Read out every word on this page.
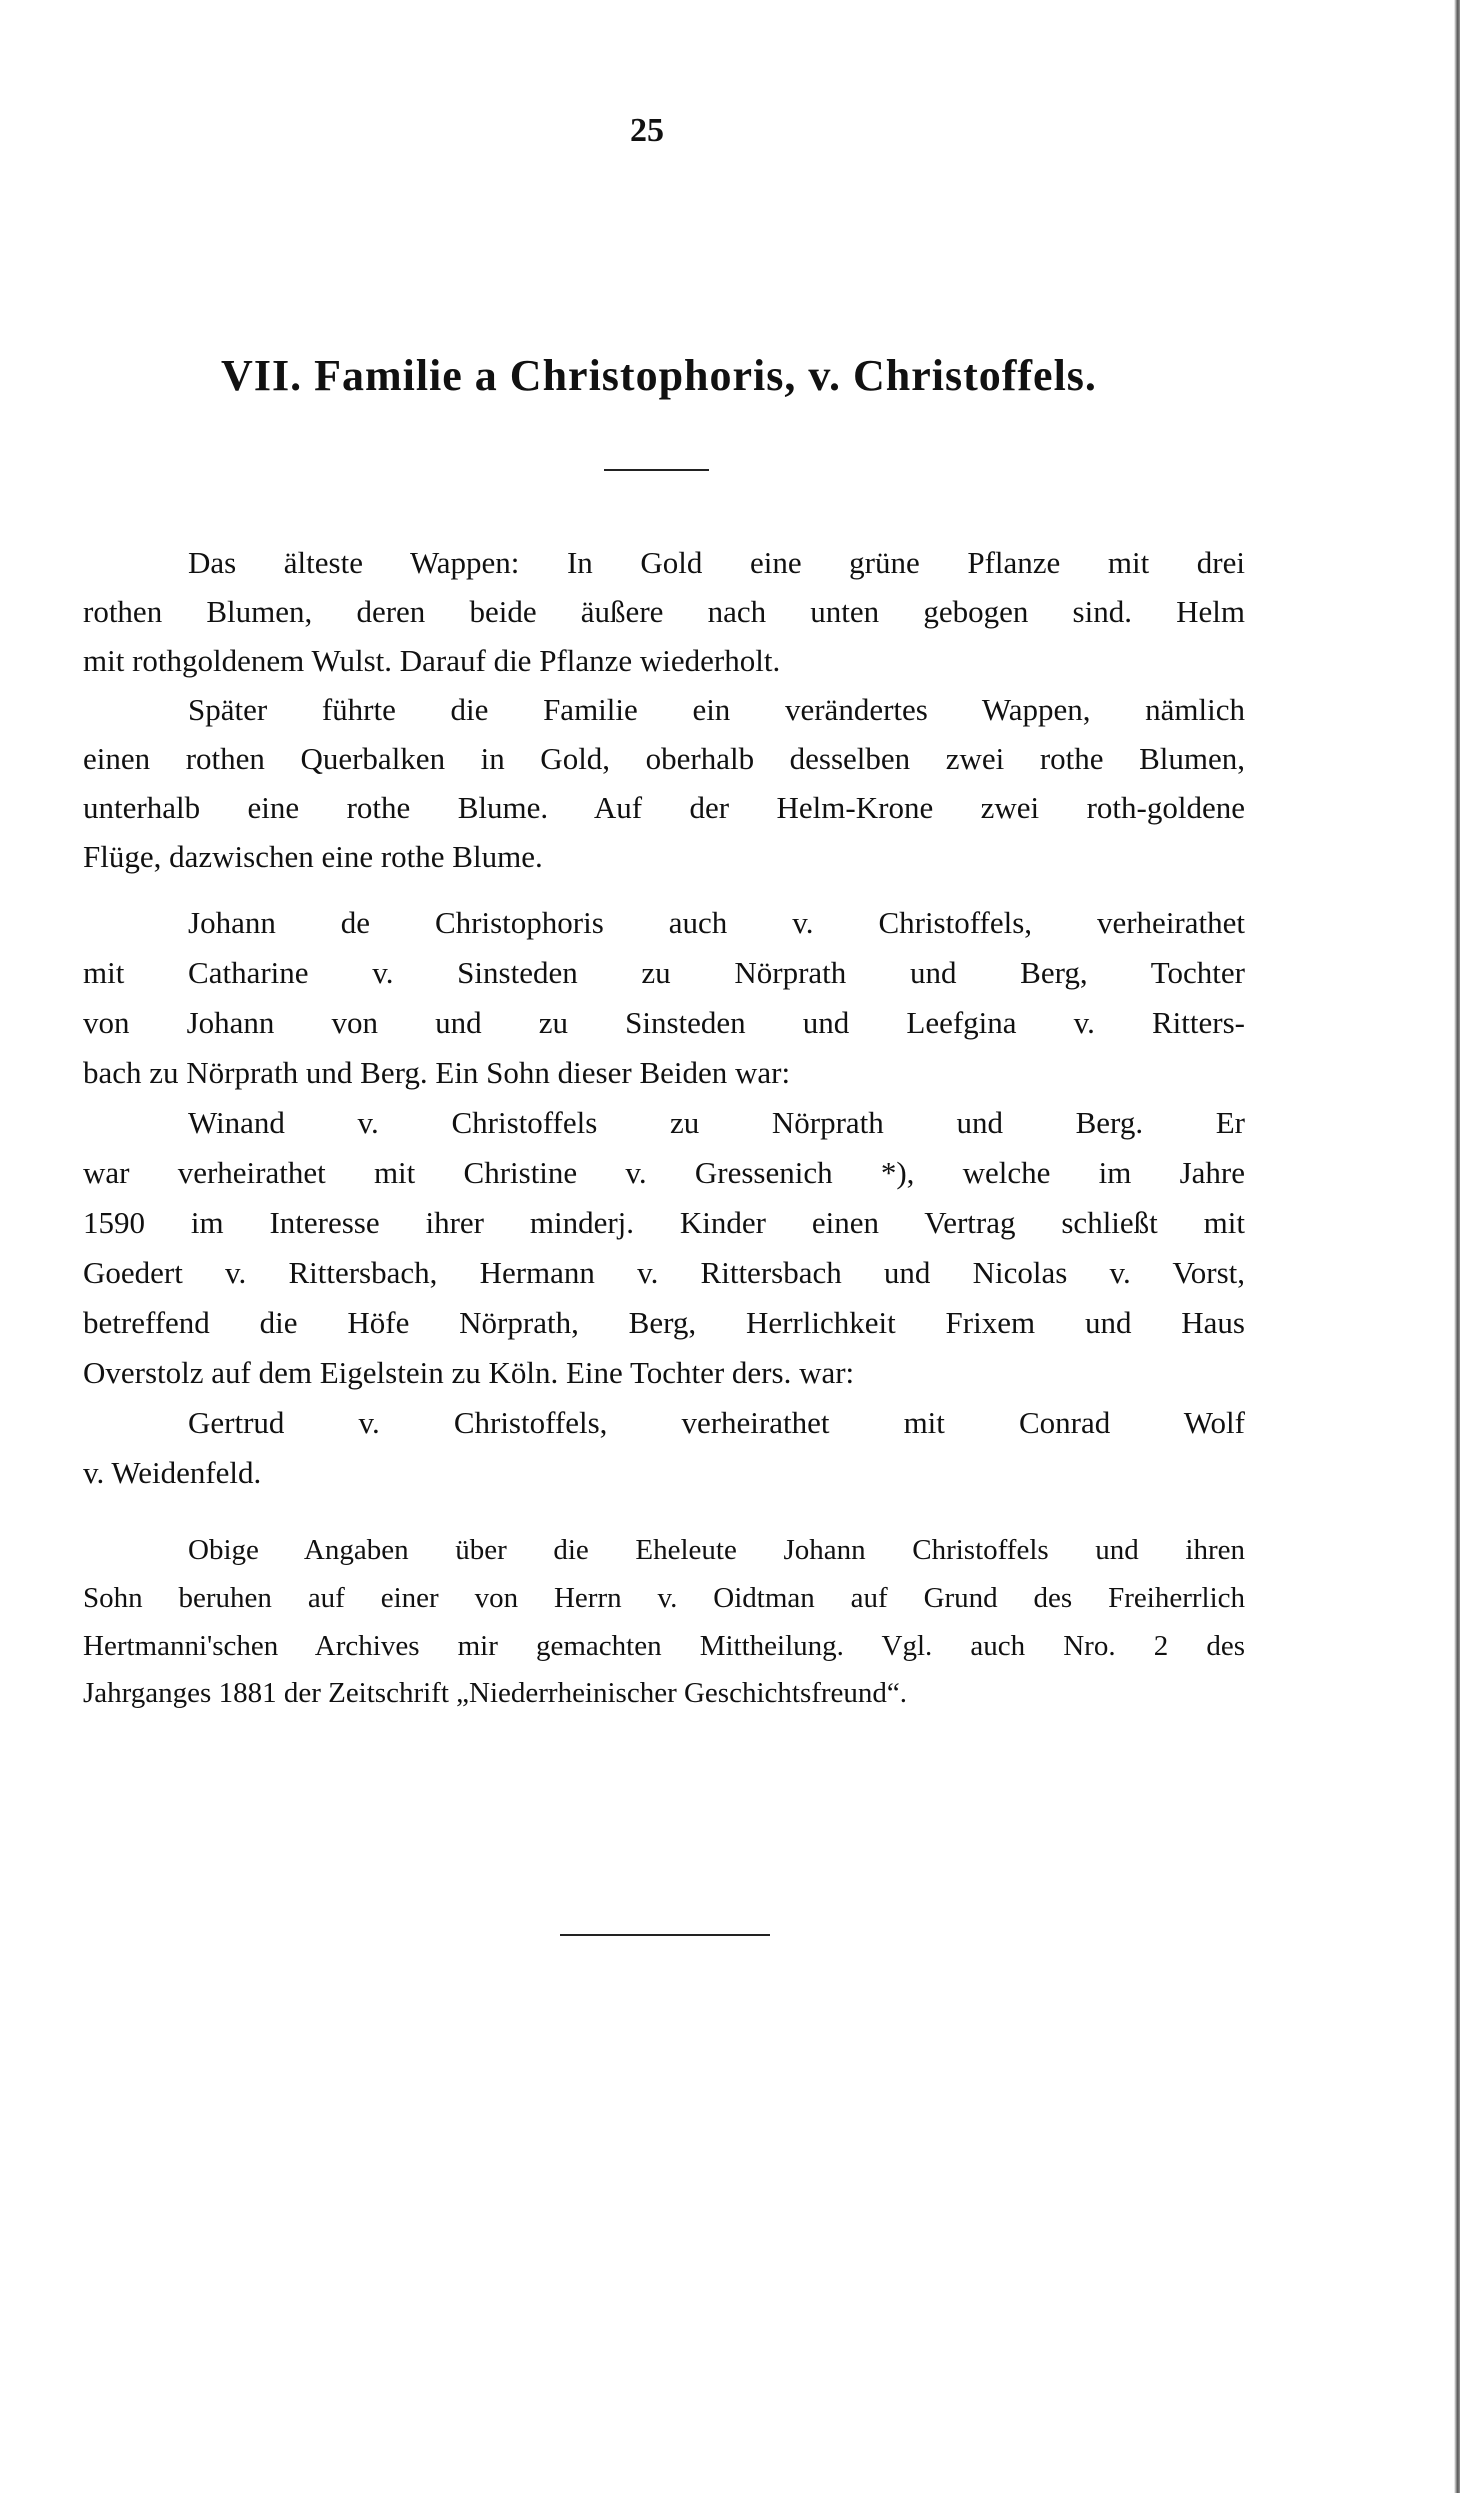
25
VII. Familie a Christophoris, v. Christoffels.
Das älteste Wappen: In Gold eine grüne Pflanze mit drei
rothen Blumen, deren beide äußere nach unten gebogen sind. Helm
mit rothgoldenem Wulst. Darauf die Pflanze wiederholt.
Später führte die Familie ein verändertes Wappen, nämlich
einen rothen Querbalken in Gold, oberhalb desselben zwei rothe Blumen,
unterhalb eine rothe Blume. Auf der Helm-Krone zwei roth-goldene
Flüge, dazwischen eine rothe Blume.
Johann de Christophoris auch v. Christoffels, verheirathet
mit Catharine v. Sinsteden zu Nörprath und Berg, Tochter
von Johann von und zu Sinsteden und Leefgina v. Ritters-
bach zu Nörprath und Berg. Ein Sohn dieser Beiden war:
Winand v. Christoffels zu Nörprath und Berg. Er
war verheirathet mit Christine v. Gressenich *), welche im Jahre
1590 im Interesse ihrer minderj. Kinder einen Vertrag schließt mit
Goedert v. Rittersbach, Hermann v. Rittersbach und Nicolas v. Vorst,
betreffend die Höfe Nörprath, Berg, Herrlichkeit Frixem und Haus
Overstolz auf dem Eigelstein zu Köln. Eine Tochter ders. war:
Gertrud v. Christoffels, verheirathet mit Conrad Wolf
v. Weidenfeld.
Obige Angaben über die Eheleute Johann Christoffels und ihren
Sohn beruhen auf einer von Herrn v. Oidtman auf Grund des Freiherrlich
Hertmanni'schen Archives mir gemachten Mittheilung. Vgl. auch Nro. 2 des
Jahrganges 1881 der Zeitschrift „Niederrheinischer Geschichtsfreund“.
